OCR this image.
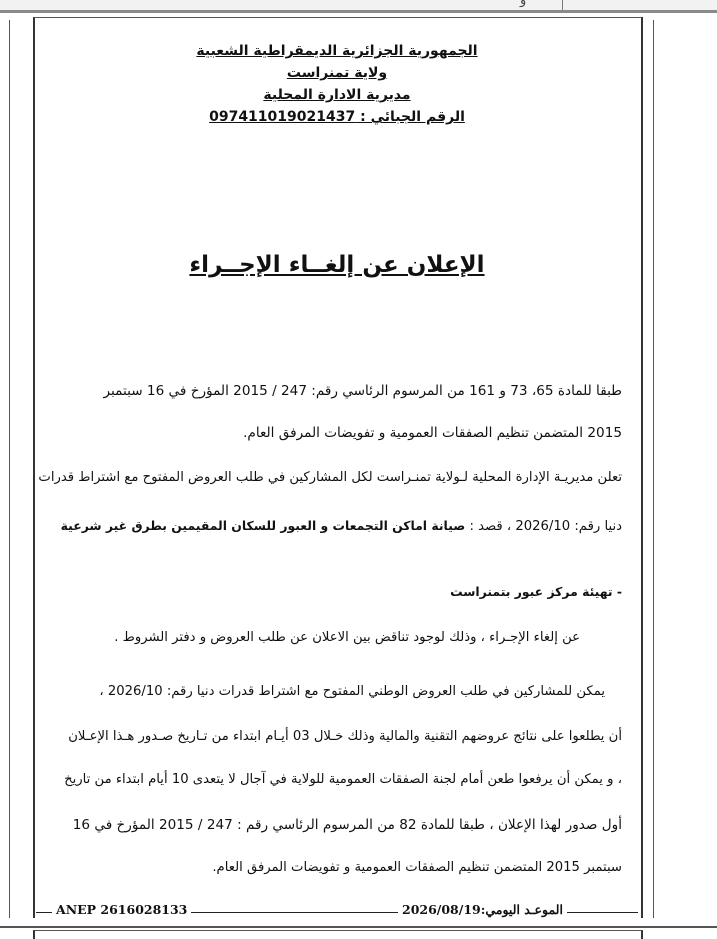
و
الجمهورية الجزائرية الديمقراطية الشعبية
ولاية تمنراست
مديرية الادارة المحلية
الرقم الجبائي : 097411019021437
الإعلان عن إلغــاء الإجــراء
طبقا للمادة 65، 73 و 161 من المرسوم الرئاسي رقم: 247 / 2015 المؤرخ في 16 سبتمبر
2015 المتضمن تنظيم الصفقات العمومية و تفويضات المرفق العام.
تعلن مديريـة الإدارة المحلية لـولاية تمنـراست لكل المشاركين في طلب العروض المفتوح مع اشتراط قدرات
دنيا رقم: 2026/10 ، قصد : صيانة اماكن التجمعات و العبور للسكان المقيمين بطرق غير شرعية
- تهيئة مركز عبور بتمنراست
عن إلغاء الإجـراء ، وذلك لوجود تناقض بين الاعلان عن طلب العروض و دفتر الشروط .
يمكن للمشاركين في طلب العروض الوطني المفتوح مع اشتراط قدرات دنيا رقم: 2026/10 ،
أن يطلعوا على نتائج عروضهم التقنية والمالية وذلك خـلال 03 أيـام ابتداء من تـاريخ صـدور هـذا الإعـلان
، و يمكن أن يرفعوا طعن أمام لجنة الصفقات العمومية للولاية في آجال لا يتعدى 10 أيام ابتداء من تاريخ
أول صدور لهذا الإعلان ، طبقا للمادة 82 من المرسوم الرئاسي رقم : 247 / 2015 المؤرخ في 16
سبتمبر 2015 المتضمن تنظيم الصفقات العمومية و تفويضات المرفق العام.
ANEP 2616028133	الموعـد اليومي:2026/08/19
